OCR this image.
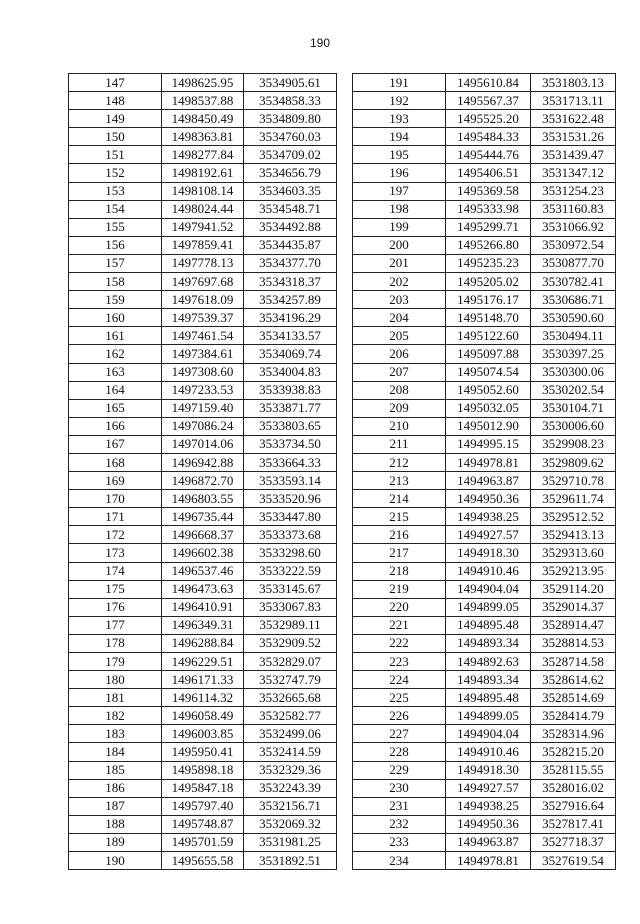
190
147	1498625.95	3534905.61
148	1498537.88	3534858.33
149	1498450.49	3534809.80
150	1498363.81	3534760.03
151	1498277.84	3534709.02
152	1498192.61	3534656.79
153	1498108.14	3534603.35
154	1498024.44	3534548.71
155	1497941.52	3534492.88
156	1497859.41	3534435.87
157	1497778.13	3534377.70
158	1497697.68	3534318.37
159	1497618.09	3534257.89
160	1497539.37	3534196.29
161	1497461.54	3534133.57
162	1497384.61	3534069.74
163	1497308.60	3534004.83
164	1497233.53	3533938.83
165	1497159.40	3533871.77
166	1497086.24	3533803.65
167	1497014.06	3533734.50
168	1496942.88	3533664.33
169	1496872.70	3533593.14
170	1496803.55	3533520.96
171	1496735.44	3533447.80
172	1496668.37	3533373.68
173	1496602.38	3533298.60
174	1496537.46	3533222.59
175	1496473.63	3533145.67
176	1496410.91	3533067.83
177	1496349.31	3532989.11
178	1496288.84	3532909.52
179	1496229.51	3532829.07
180	1496171.33	3532747.79
181	1496114.32	3532665.68
182	1496058.49	3532582.77
183	1496003.85	3532499.06
184	1495950.41	3532414.59
185	1495898.18	3532329.36
186	1495847.18	3532243.39
187	1495797.40	3532156.71
188	1495748.87	3532069.32
189	1495701.59	3531981.25
190	1495655.58	3531892.51
191	1495610.84	3531803.13
192	1495567.37	3531713.11
193	1495525.20	3531622.48
194	1495484.33	3531531.26
195	1495444.76	3531439.47
196	1495406.51	3531347.12
197	1495369.58	3531254.23
198	1495333.98	3531160.83
199	1495299.71	3531066.92
200	1495266.80	3530972.54
201	1495235.23	3530877.70
202	1495205.02	3530782.41
203	1495176.17	3530686.71
204	1495148.70	3530590.60
205	1495122.60	3530494.11
206	1495097.88	3530397.25
207	1495074.54	3530300.06
208	1495052.60	3530202.54
209	1495032.05	3530104.71
210	1495012.90	3530006.60
211	1494995.15	3529908.23
212	1494978.81	3529809.62
213	1494963.87	3529710.78
214	1494950.36	3529611.74
215	1494938.25	3529512.52
216	1494927.57	3529413.13
217	1494918.30	3529313.60
218	1494910.46	3529213.95
219	1494904.04	3529114.20
220	1494899.05	3529014.37
221	1494895.48	3528914.47
222	1494893.34	3528814.53
223	1494892.63	3528714.58
224	1494893.34	3528614.62
225	1494895.48	3528514.69
226	1494899.05	3528414.79
227	1494904.04	3528314.96
228	1494910.46	3528215.20
229	1494918.30	3528115.55
230	1494927.57	3528016.02
231	1494938.25	3527916.64
232	1494950.36	3527817.41
233	1494963.87	3527718.37
234	1494978.81	3527619.54
